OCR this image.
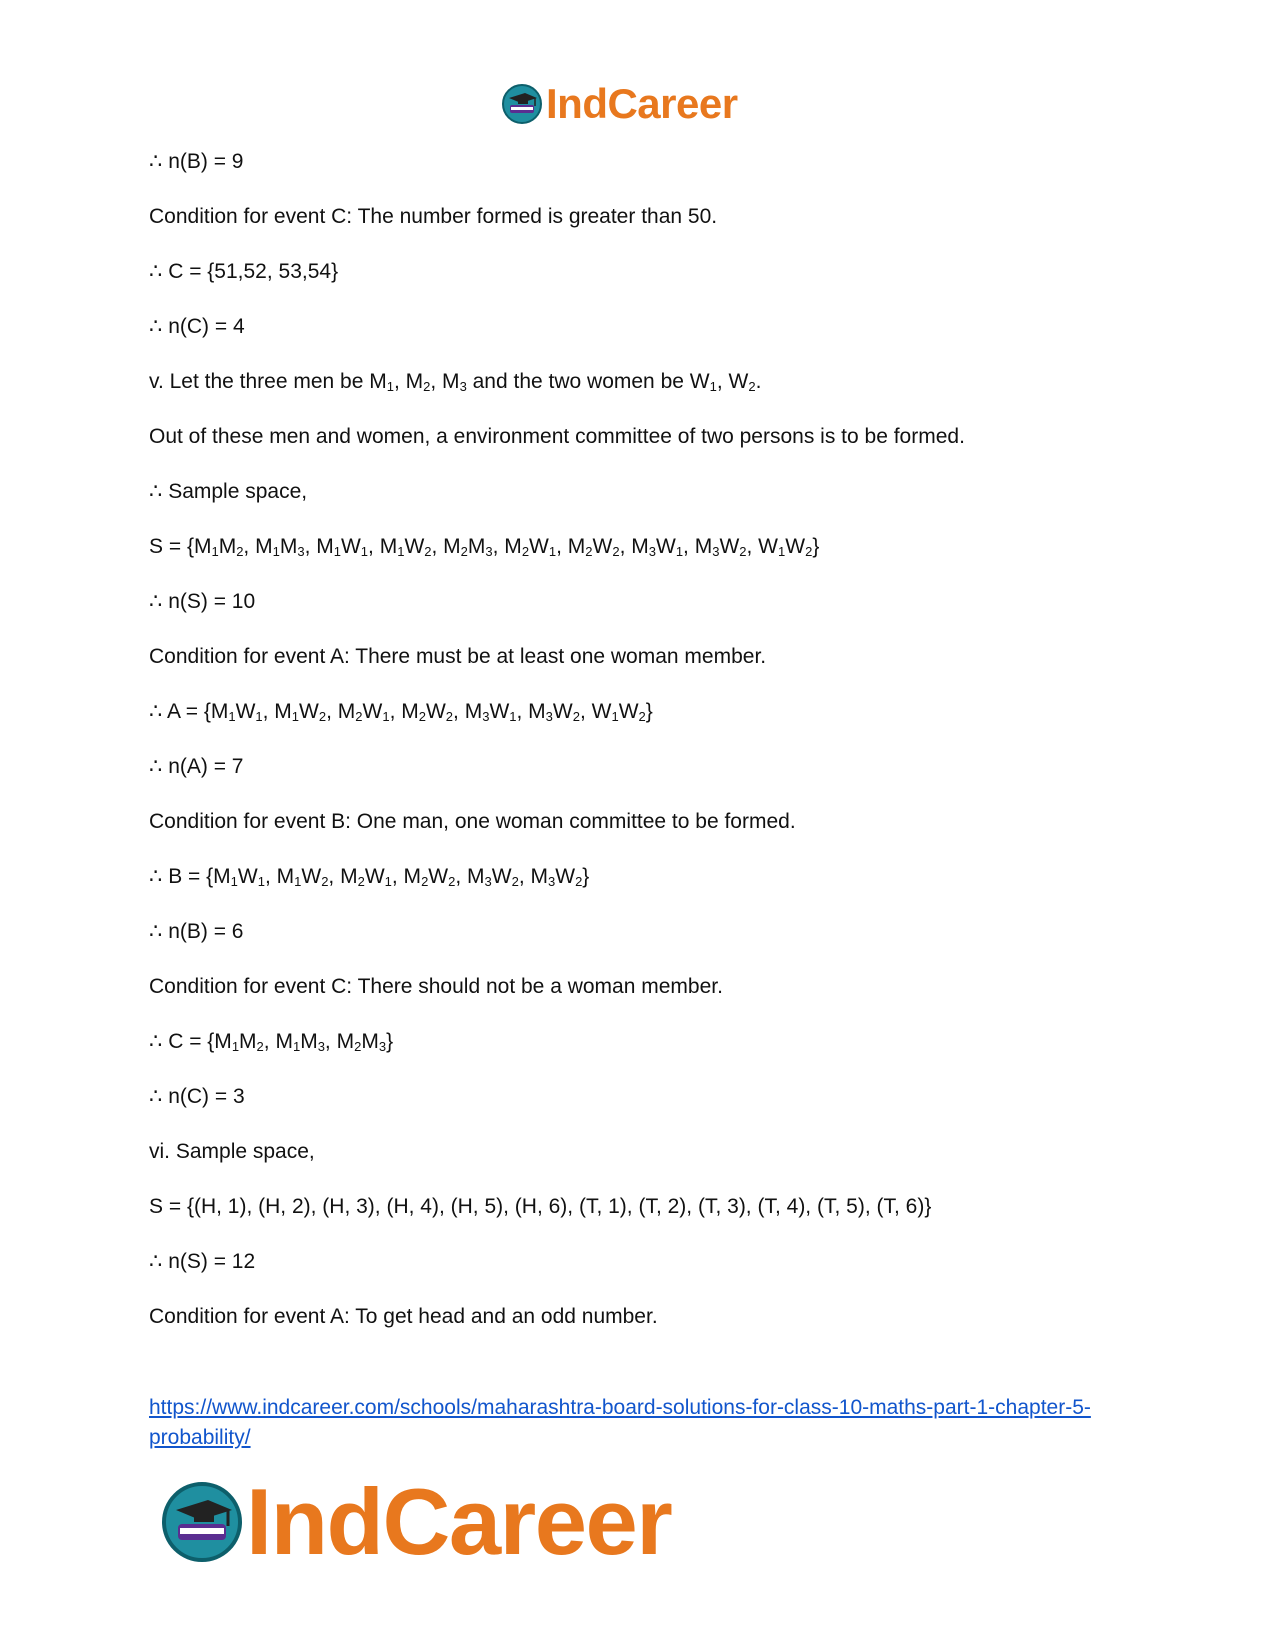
IndCareer
∴ n(B) = 9
Condition for event C: The number formed is greater than 50.
∴ C = {51,52, 53,54}
∴ n(C) = 4
v. Let the three men be $M_1$, $M_2$, $M_3$ and the two women be $W_1$, $W_2$.
Out of these men and women, a environment committee of two persons is to be formed.
∴ Sample space,
$S = \{M_1M_2$, $M_1M_3$, $M_1W_1$, $M_1W_2$, $M_2M_3$, $M_2W_1$, $M_2W_2$, $M_3W_1$, $M_3W_2$, $W_1W_2$}
∴ n(S) = 10
Condition for event A: There must be at least one woman member.
∴ $A = \{M_1W_1$, $M_1W_2$, $M_2W_1$, $M_2W_2$, $M_3W_1$, $M_3W_2$, $W_1W_2$}
∴ n(A) = 7
Condition for event B: One man, one woman committee to be formed.
∴ $B = \{M_1W_1$, $M_1W_2$, $M_2W_1$, $M_2W_2$, $M_3W_2$, $M_3W_2$}
∴ n(B) = 6
Condition for event C: There should not be a woman member.
∴ $C = \{M_1M_2$, $M_1M_3$, $M_2M_3$}
∴ n(C) = 3
vi. Sample space,
S = {(H, 1), (H, 2), (H, 3), (H, 4), (H, 5), (H, 6), (T, 1), (T, 2), (T, 3), (T, 4), (T, 5), (T, 6)}
∴ n(S) = 12
Condition for event A: To get head and an odd number.
https://www.indcareer.com/schools/maharashtra-board-solutions-for-class-10-maths-part-1-chapter-5-probability/
IndCareer
